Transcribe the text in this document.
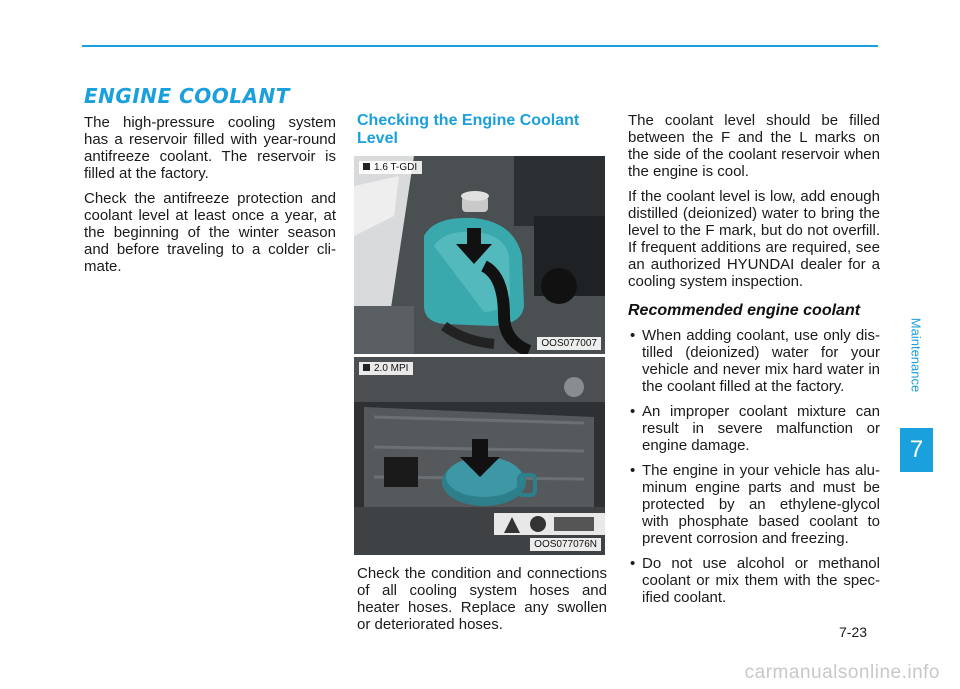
ENGINE COOLANT

The high-pressure cooling system has a reservoir filled with year-round antifreeze coolant. The reservoir is filled at the factory.

Check the antifreeze protection and coolant level at least once a year, at the beginning of the winter season and before traveling to a colder cli-mate.

Checking the Engine Coolant Level
1.6 T-GDI
OOS077007
2.0 MPI
OOS077076N

Check the condition and connections of all cooling system hoses and heater hoses. Replace any swollen or deteriorated hoses.

The coolant level should be filled between the F and the L marks on the side of the coolant reservoir when the engine is cool.

If the coolant level is low, add enough distilled (deionized) water to bring the level to the F mark, but do not overfill. If frequent additions are required, see an authorized HYUNDAI dealer for a cooling system inspection.

Recommended engine coolant
• When adding coolant, use only dis-tilled (deionized) water for your vehicle and never mix hard water in the coolant filled at the factory.
• An improper coolant mixture can result in severe malfunction or engine damage.
• The engine in your vehicle has alu-minum engine parts and must be protected by an ethylene-glycol with phosphate based coolant to prevent corrosion and freezing.
• Do not use alcohol or methanol coolant or mix them with the spec-ified coolant.
Maintenance
7
7-23
carmanualsonline.info
